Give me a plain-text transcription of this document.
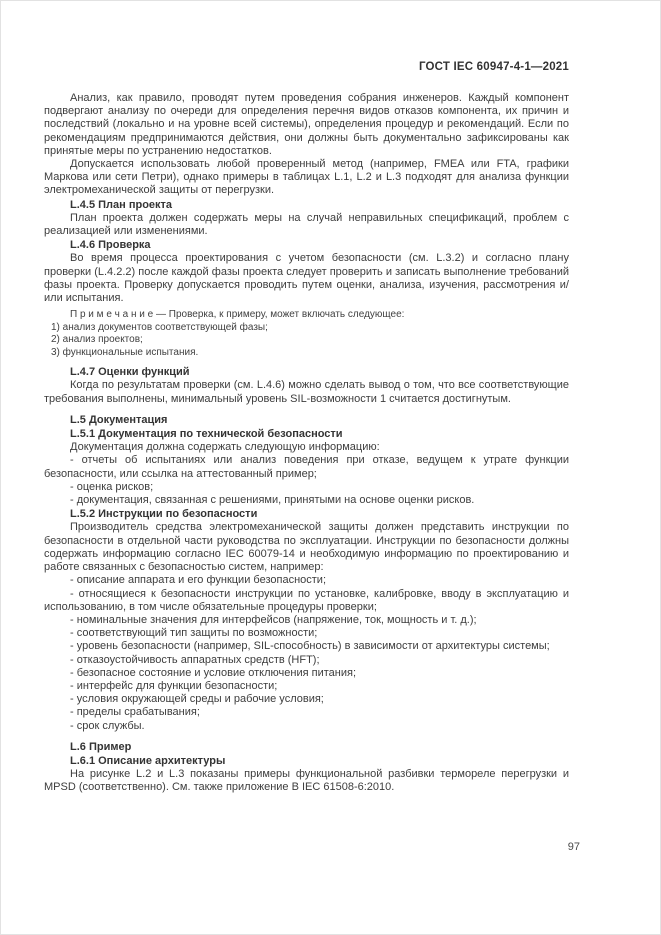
ГОСТ IEC 60947-4-1—2021

Анализ, как правило, проводят путем проведения собрания инженеров. Каждый компонент подвергают анализу по очереди для определения перечня видов отказов компонента, их причин и последствий (локально и на уровне всей системы), определения процедур и рекомендаций. Если по рекомендациям предпринимаются действия, они должны быть документально зафиксированы как принятые меры по устранению недостатков.

Допускается использовать любой проверенный метод (например, FMEA или FTA, графики Маркова или сети Петри), однако примеры в таблицах L.1, L.2 и L.3 подходят для анализа функции электромеханической защиты от перегрузки.

L.4.5 План проекта

План проекта должен содержать меры на случай неправильных спецификаций, проблем с реализацией или изменениями.

L.4.6 Проверка

Во время процесса проектирования с учетом безопасности (см. L.3.2) и согласно плану проверки (L.4.2.2) после каждой фазы проекта следует проверить и записать выполнение требований фазы проекта. Проверку допускается проводить путем оценки, анализа, изучения, рассмотрения и/или испытания.

П р и м е ч а н и е — Проверка, к примеру, может включать следующее:

1) анализ документов соответствующей фазы;

2) анализ проектов;

3) функциональные испытания.

L.4.7 Оценки функций

Когда по результатам проверки (см. L.4.6) можно сделать вывод о том, что все соответствующие требования выполнены, минимальный уровень SIL-возможности 1 считается достигнутым.

L.5 Документация
L.5.1 Документация по технической безопасности

Документация должна содержать следующую информацию:

- отчеты об испытаниях или анализ поведения при отказе, ведущем к утрате функции безопасности, или ссылка на аттестованный пример;

- оценка рисков;

- документация, связанная с решениями, принятыми на основе оценки рисков.

L.5.2 Инструкции по безопасности

Производитель средства электромеханической защиты должен представить инструкции по безопасности в отдельной части руководства по эксплуатации. Инструкции по безопасности должны содержать информацию согласно IEC 60079-14 и необходимую информацию по проектированию и работе связанных с безопасностью систем, например:

- описание аппарата и его функции безопасности;

- относящиеся к безопасности инструкции по установке, калибровке, вводу в эксплуатацию и использованию, в том числе обязательные процедуры проверки;

- номинальные значения для интерфейсов (напряжение, ток, мощность и т. д.);

- соответствующий тип защиты по возможности;

- уровень безопасности (например, SIL-способность) в зависимости от архитектуры системы;

- отказоустойчивость аппаратных средств (HFT);

- безопасное состояние и условие отключения питания;

- интерфейс для функции безопасности;

- условия окружающей среды и рабочие условия;

- пределы срабатывания;

- срок службы.

L.6 Пример
L.6.1 Описание архитектуры

На рисунке L.2 и L.3 показаны примеры функциональной разбивки термореле перегрузки и MPSD (соответственно). См. также приложение B IEC 61508-6:2010.

97
